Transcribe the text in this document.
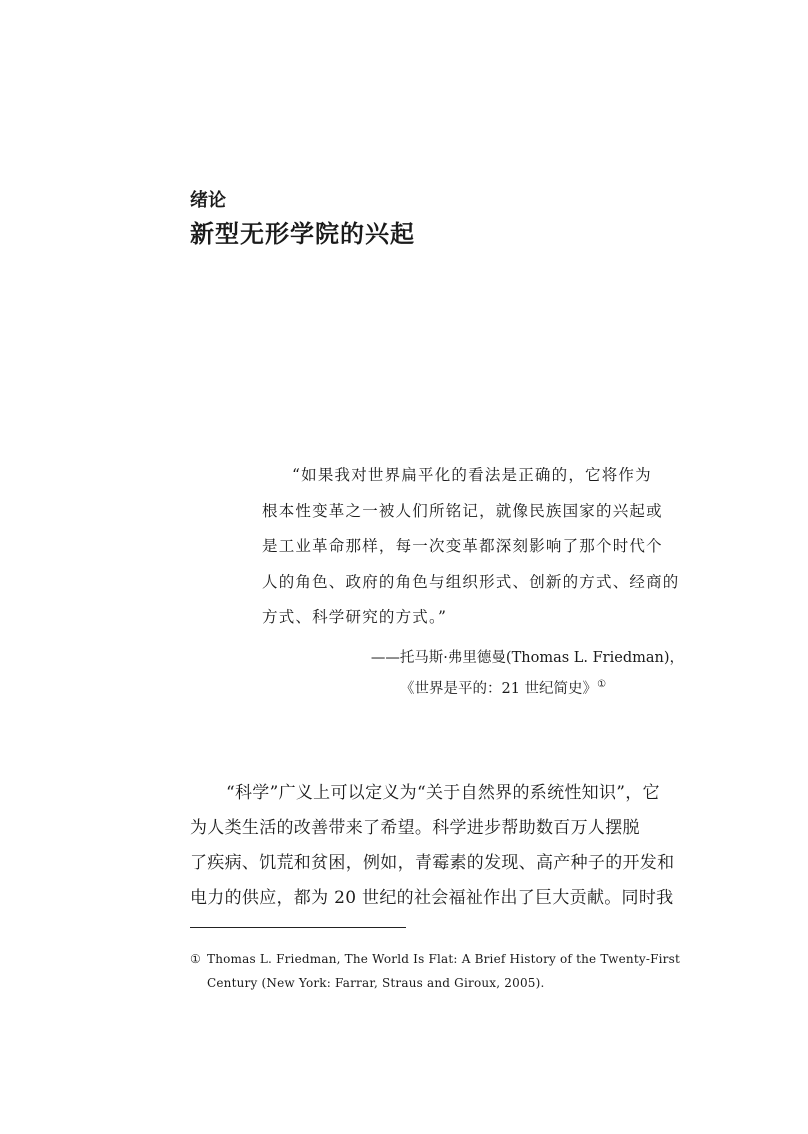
绪论
新型无形学院的兴起
“如果我对世界扁平化的看法是正确的，它将作为
根本性变革之一被人们所铭记，就像民族国家的兴起或
是工业革命那样，每一次变革都深刻影响了那个时代个
人的角色、政府的角色与组织形式、创新的方式、经商的
方式、科学研究的方式。”
——托马斯·弗里德曼(Thomas L. Friedman)，
《世界是平的：21 世纪简史》①
“科学”广义上可以定义为“关于自然界的系统性知识”，它
为人类生活的改善带来了希望。科学进步帮助数百万人摆脱
了疾病、饥荒和贫困，例如，青霉素的发现、高产种子的开发和
电力的供应，都为 20 世纪的社会福祉作出了巨大贡献。同时我
① Thomas L. Friedman, The World Is Flat: A Brief History of the Twenty-First
Century (New York: Farrar, Straus and Giroux, 2005).
